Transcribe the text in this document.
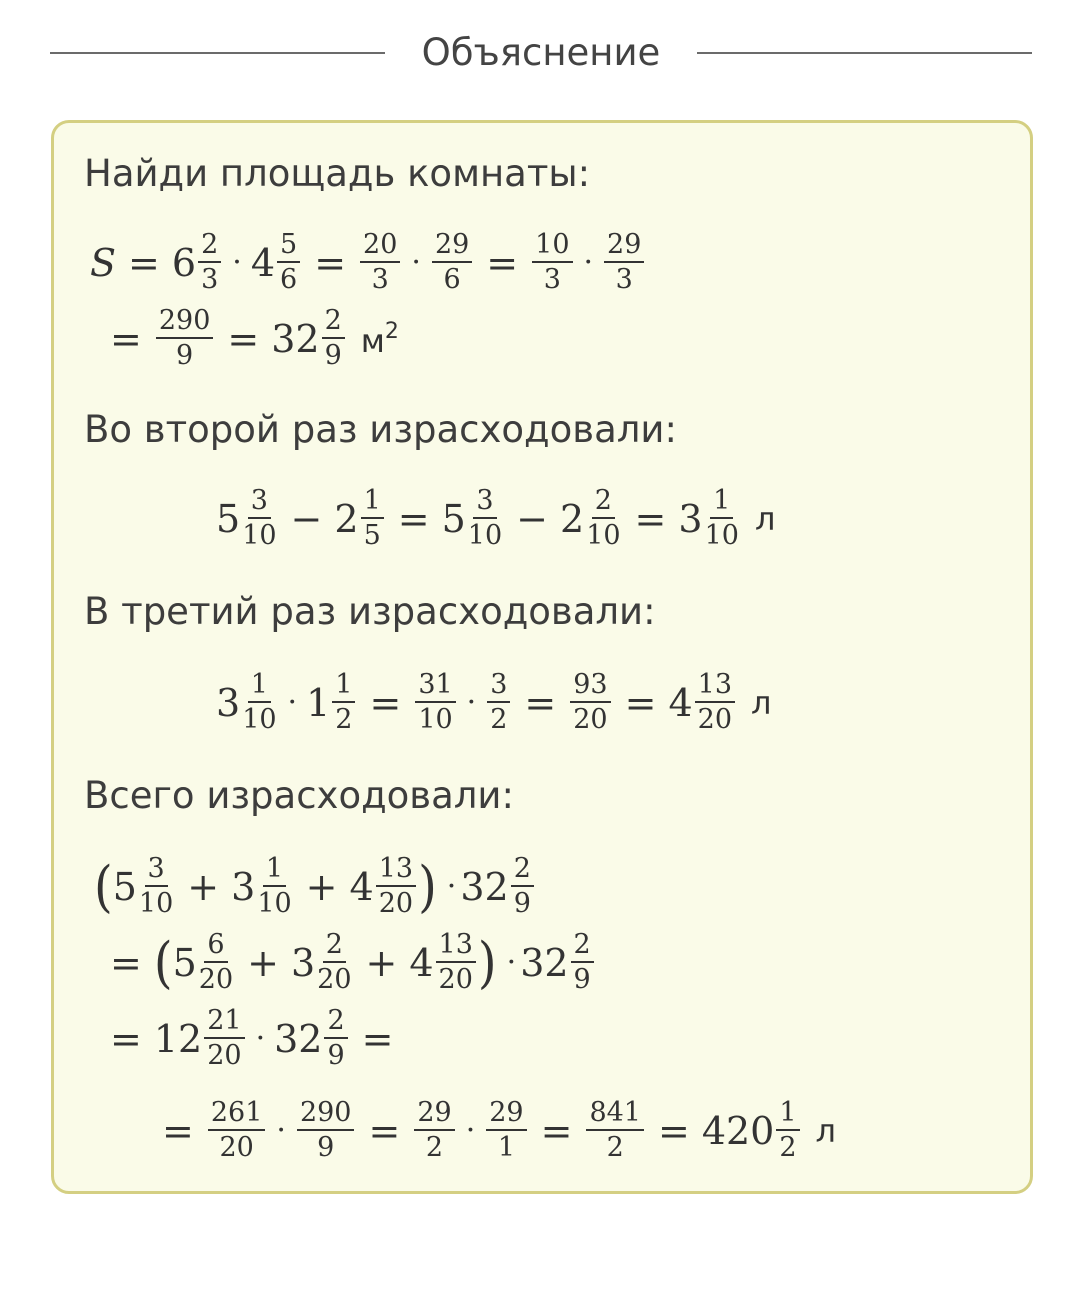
Объяснение
Найди площадь комнаты:
$S = 6 \frac{2}{3} \cdot 4 \frac{5}{6} = \frac{20}{3} \cdot \frac{29}{6} = \frac{10}{3} \cdot \frac{29}{3}$
= $\frac{290}{9} = 32 \frac{2}{9} м^2$
Во второй раз израсходовали:
$5 \frac{3}{10} - 2 \frac{1}{5} = 5 \frac{3}{10} - 2 \frac{2}{10} = 3 \frac{1}{10}$ л
В третий раз израсходовали:
$3 \frac{1}{10} \cdot 1 \frac{1}{2} = \frac{31}{10} \cdot \frac{3}{2} = \frac{93}{20} = 4 \frac{13}{20}$ л
Всего израсходовали:
( $5 \frac{3}{10} + 3 \frac{1}{10} + 4 \frac{13}{20}$ ) · $32 \frac{2}{9}$
= ( $5 \frac{6}{20} + 3 \frac{2}{20} + 4 \frac{13}{20}$ ) · $32 \frac{2}{9}$
= $12 \frac{21}{20} \cdot 32 \frac{2}{9}$ =
= $\frac{261}{20} \cdot \frac{290}{9} = \frac{29}{2} \cdot \frac{29}{1} = \frac{841}{2} = 420 \frac{1}{2}$ л
